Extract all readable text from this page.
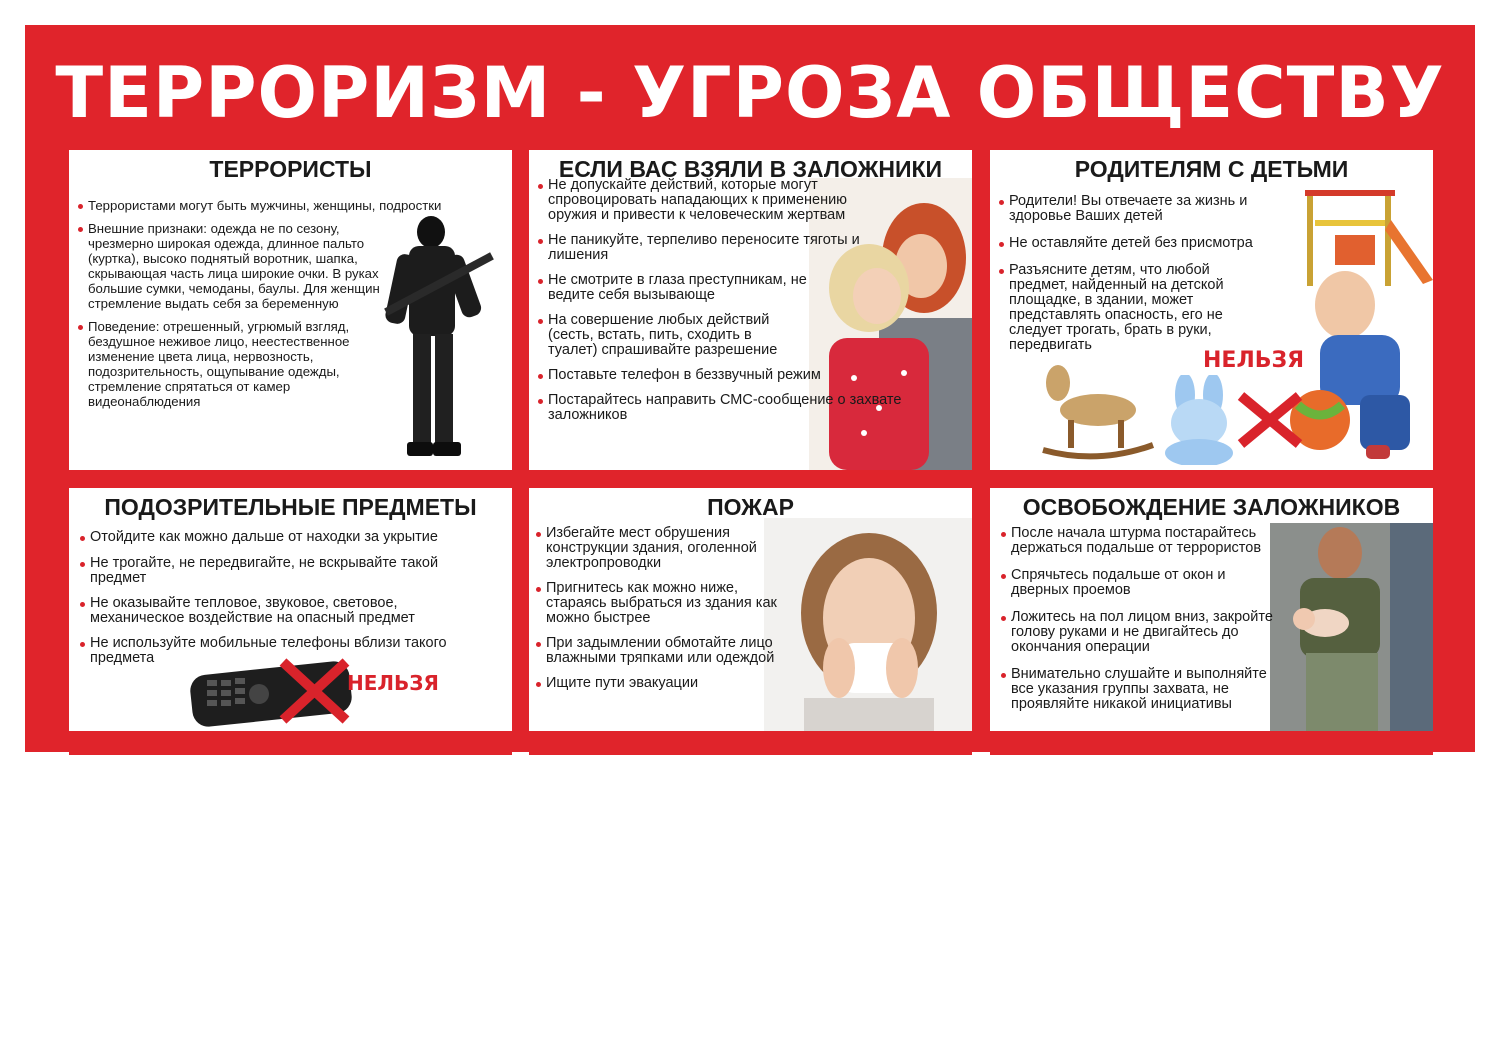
ТЕРРОРИЗМ - УГРОЗА ОБЩЕСТВУ
ТЕРРОРИСТЫ
Террористами могут быть мужчины, женщины, подростки
Внешние признаки: одежда не по сезону, чрезмерно широкая одежда, длинное пальто (куртка), высоко поднятый воротник, шапка, скрывающая часть лица широкие очки. В руках большие сумки, чемоданы, баулы. Для женщин стремление выдать себя за беременную
Поведение: отрешенный, угрюмый взгляд, бездушное неживое лицо, неестественное изменение цвета лица, нервозность, подозрительность, ощупывание одежды, стремление спрятаться от камер видеонаблюдения
ЕСЛИ ВАС ВЗЯЛИ В ЗАЛОЖНИКИ
Не допускайте действий, которые могут спровоцировать нападающих к применению оружия и привести к человеческим жертвам
Не паникуйте, терпеливо переносите тяготы и лишения
Не смотрите в глаза преступникам, не ведите себя вызывающе
На совершение любых действий (сесть, встать, пить, сходить в туалет) спрашивайте разрешение
Поставьте телефон в беззвучный режим
Постарайтесь направить СМС-сообщение о захвате заложников
РОДИТЕЛЯМ С ДЕТЬМИ
НЕЛЬЗЯ
Родители! Вы отвечаете за жизнь и здоровье Ваших детей
Не оставляйте детей без присмотра
Разъясните детям, что любой предмет, найденный на детской площадке, в здании, может представлять опасность, его не следует трогать, брать в руки, передвигать
ПОДОЗРИТЕЛЬНЫЕ ПРЕДМЕТЫ
НЕЛЬЗЯ
Отойдите как можно дальше от находки за укрытие
Не трогайте, не передвигайте, не вскрывайте такой предмет
Не оказывайте тепловое, звуковое, световое, механическое воздействие на опасный предмет
Не используйте мобильные телефоны вблизи такого предмета
ПОЖАР
Избегайте мест обрушения конструкции здания, оголенной электропроводки
Пригнитесь как можно ниже, стараясь выбраться из здания как можно быстрее
При задымлении обмотайте лицо влажными тряпками или одеждой
Ищите пути эвакуации
ОСВОБОЖДЕНИЕ ЗАЛОЖНИКОВ
После начала штурма постарайтесь держаться подальше от террористов
Спрячьтесь подальше от окон и дверных проемов
Ложитесь на пол лицом вниз, закройте голову руками и не двигайтесь до окончания операции
Внимательно слушайте и выполняйте все указания группы захвата, не проявляйте никакой инициативы
